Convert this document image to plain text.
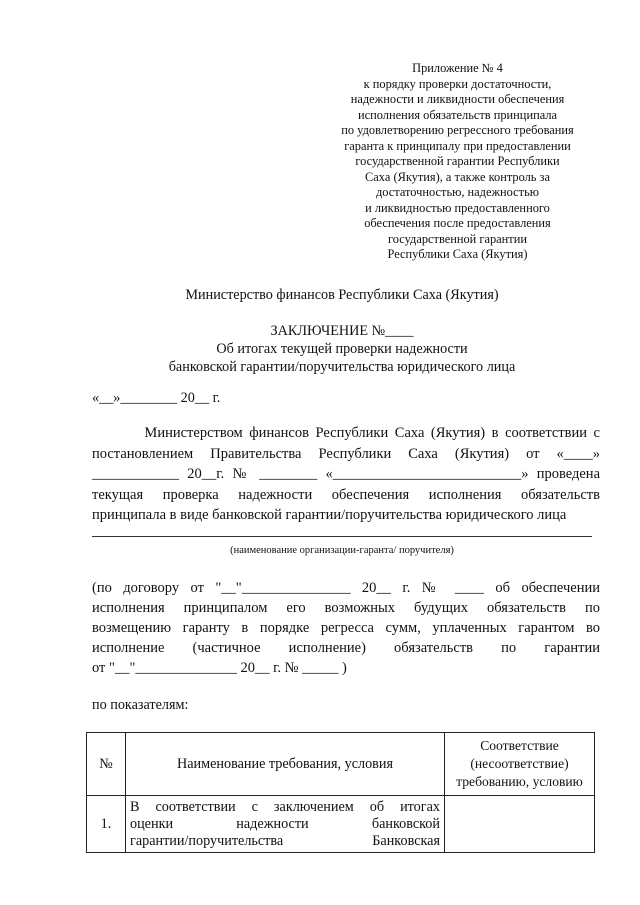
Приложение № 4
к порядку проверки достаточности,
надежности и ликвидности обеспечения
исполнения обязательств принципала
по удовлетворению регрессного требования
гаранта к принципалу при предоставлении
государственной гарантии Республики
Саха (Якутия), а также контроль за
достаточностью, надежностью
и ликвидностью предоставленного
обеспечения после предоставления
государственной гарантии
Республики Саха (Якутия)
Министерство финансов Республики Саха (Якутия)
ЗАКЛЮЧЕНИЕ №____
Об итогах текущей проверки надежности
банковской гарантии/поручительства юридического лица
«__»________ 20__ г.
Министерством финансов Республики Саха (Якутия) в соответствии с
постановлением Правительства Республики Саха (Якутия) от «____»
____________ 20__г. № ________ «__________________________» проведена
текущая проверка надежности обеспечения исполнения обязательств
принципала в виде банковской гарантии/поручительства юридического лица
(наименование организации-гаранта/ поручителя)
(по договору от "__"_______________ 20__ г. № ____ об обеспечении
исполнения принципалом его возможных будущих обязательств по
возмещению гаранту в порядке регресса сумм, уплаченных гарантом во
исполнение (частичное исполнение) обязательств по гарантии
от "__"______________ 20__ г. № _____ )
по показателям:
№	Наименование требования, условия	Соответствие
(несоответствие)
требованию, условию

1.	В соответствии с заключением об итогах
оценки надежности банковской
гарантии/поручительства Банковская	
